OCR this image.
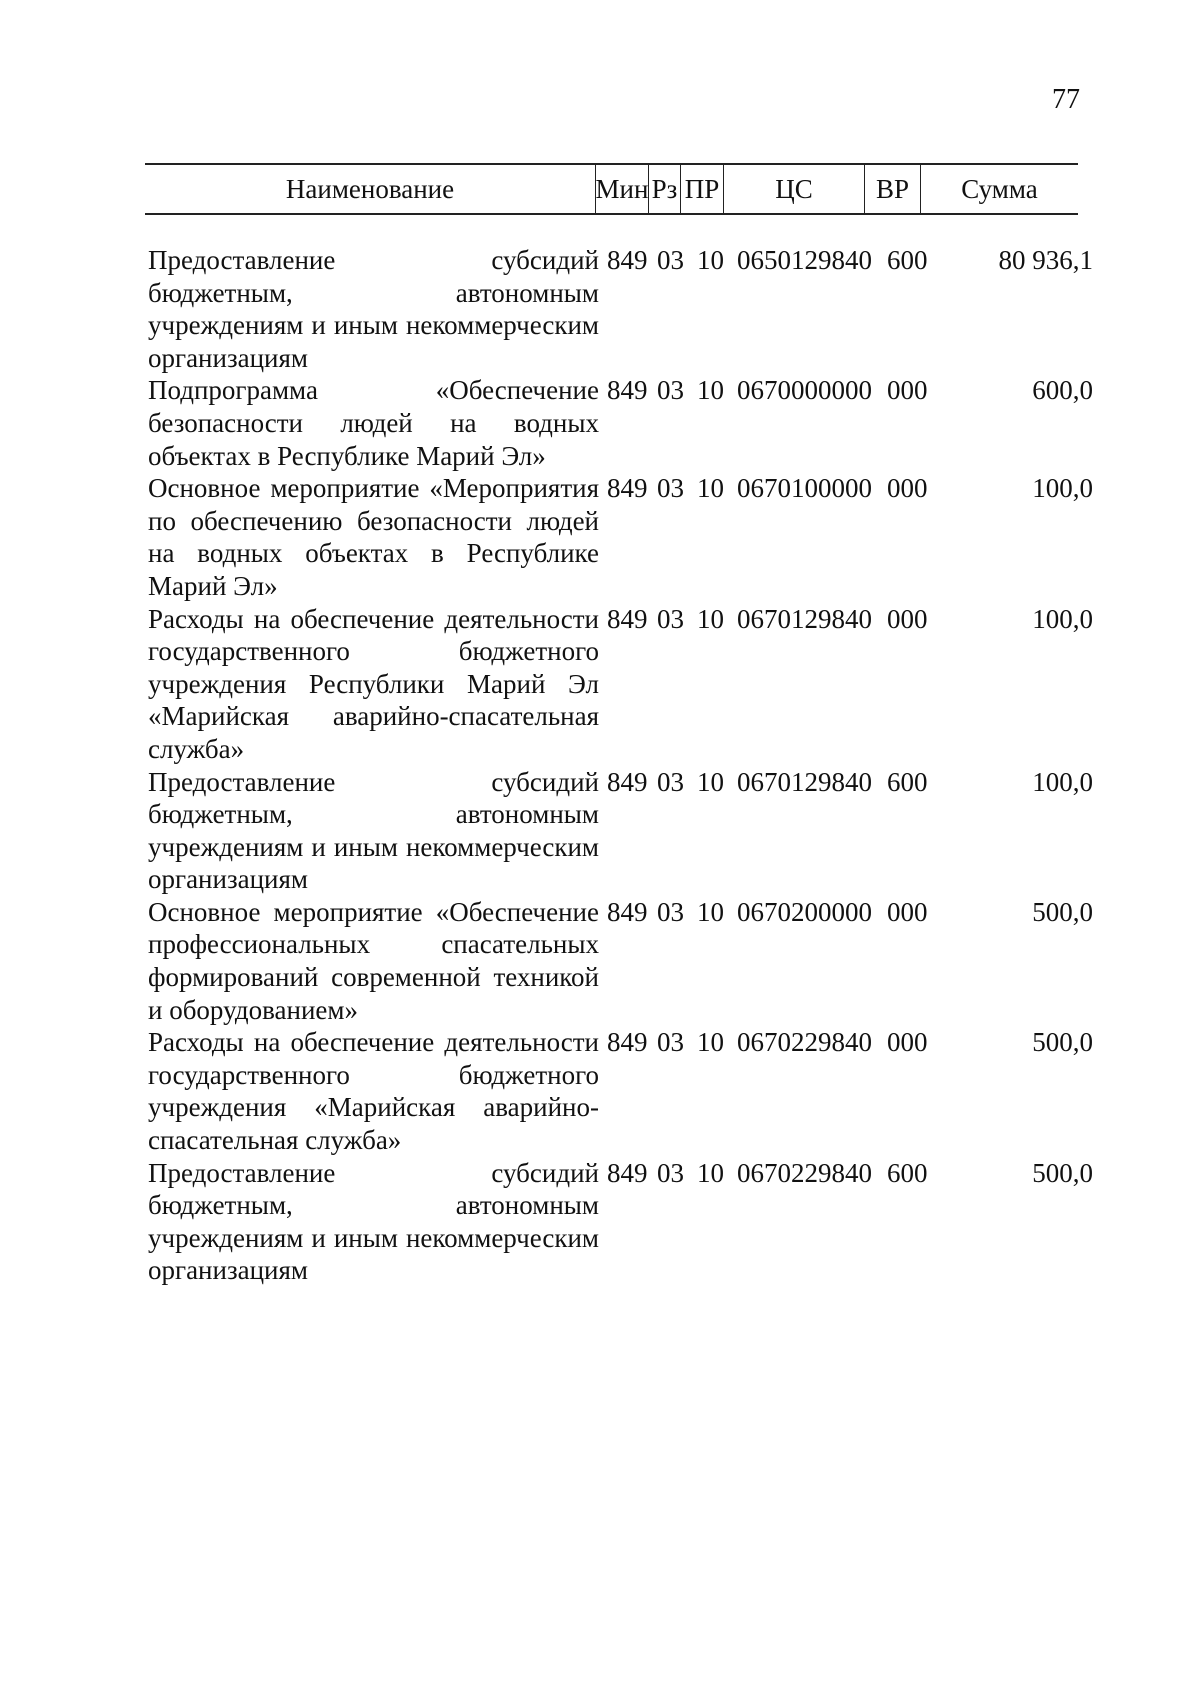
77
Наименование	Мин Рз ПР	ЦС	ВР	Сумма
Предоставление субсидий бюджетным, автономным учреждениям и иным некоммерческим организациям
849 03 10 0650129840 600	80 936,1
Подпрограмма «Обеспечение безопасности людей на водных объектах в Республике Марий Эл»
849 03 10 0670000000 000	600,0
Основное мероприятие «Мероприятия по обеспечению безопасности людей на водных объектах в Республике Марий Эл»
849 03 10 0670100000 000	100,0
Расходы на обеспечение деятельности государственного бюджетного учреждения Республики Марий Эл «Марийская аварийно-спасательная служба»
849 03 10 0670129840 000	100,0
Предоставление субсидий бюджетным, автономным учреждениям и иным некоммерческим организациям
849 03 10 0670129840 600	100,0
Основное мероприятие «Обеспечение профессиональных спасательных формирований современной техникой и оборудованием»
849 03 10 0670200000 000	500,0
Расходы на обеспечение деятельности государственного бюджетного учреждения «Марийская аварийно-спасательная служба»
849 03 10 0670229840 000	500,0
Предоставление субсидий бюджетным, автономным учреждениям и иным некоммерческим организациям
849 03 10 0670229840 600	500,0
